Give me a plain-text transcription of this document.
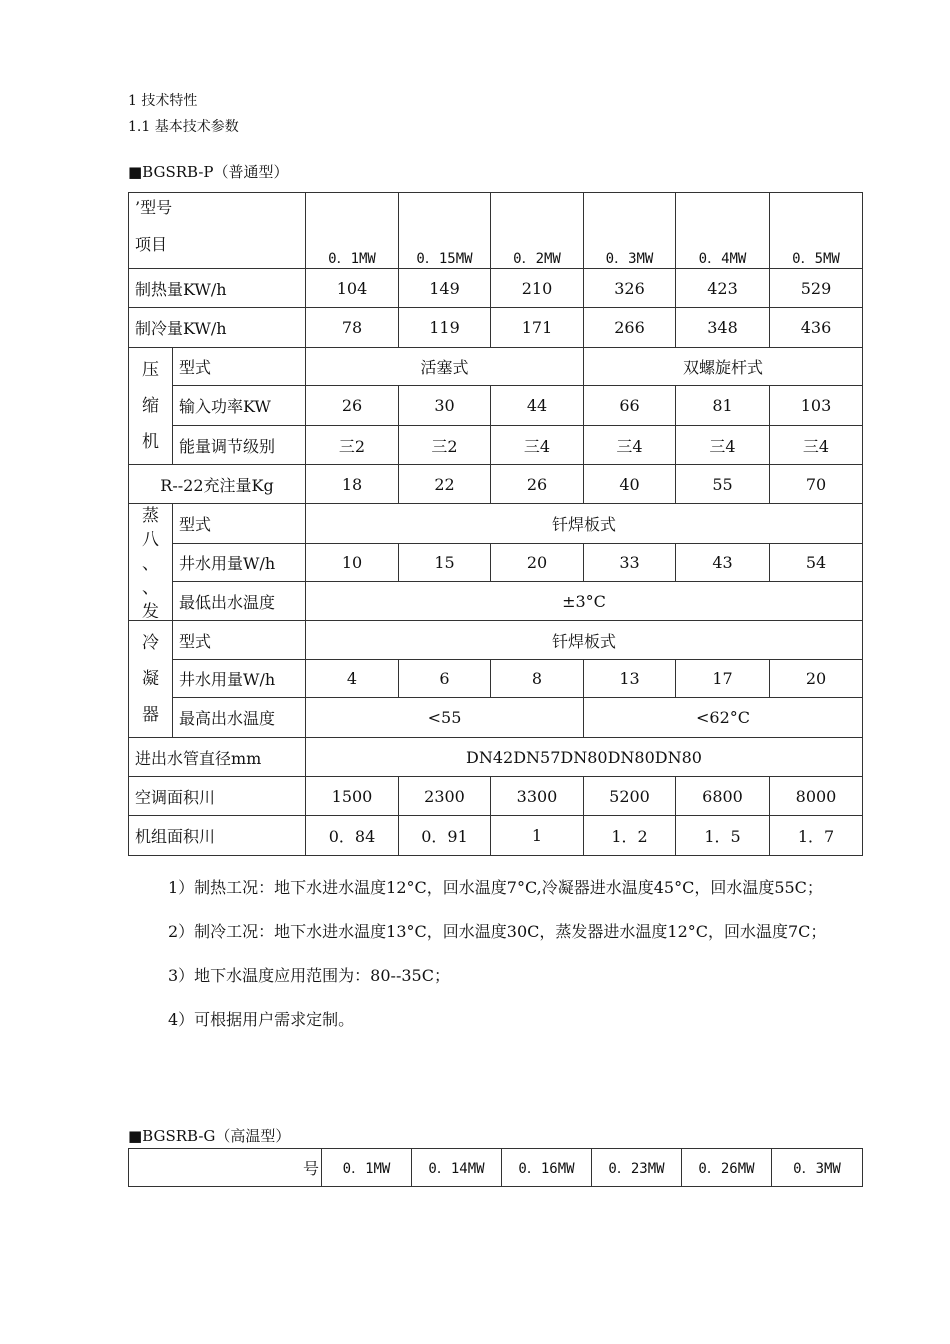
1 技术特性
1.1 基本技术参数
■BGSRB-P（普通型）
’型号
项目		0．1MW	0．15MW	0．2MW	0．3MW	0．4MW	0．5MW
制热量KW/h		104	149	210	326	423	529
制冷量KW/h		78	119	171	266	348	436

压
缩
机	型式	活塞式			双螺旋杆式		
	输入功率KW	26	30	44	66	81	103
	能量调节级别	三2	三2	三4	三4	三4	三4
R--22充注量Kg		18	22	26	40	55	70

蒸
八
、
、
发	型式	钎焊板式					
	井水用量W/h	10	15	20	33	43	54
	最低出水温度	±3°C					

冷
凝
器	型式	钎焊板式					
	井水用量W/h	4	6	8	13	17	20
	最高出水温度	<55			<62°C		
进出水管直径mm		DN42DN57DN80DN80DN80					
空调面积川		1500	2300	3300	5200	6800	8000
机组面积川		0．84	0．91	1	1．2	1．5	1．7

1）制热工况：地下水进水温度12°C，回水温度7°C,冷凝器进水温度45°C，回水温度55C；

2）制冷工况：地下水进水温度13°C，回水温度30C，蒸发器进水温度12°C，回水温度7C；

3）地下水温度应用范围为：80--35C；

4）可根据用户需求定制。

■BGSRB-G（高温型）
号	0．1MW	0．14MW	0．16MW	0．23MW	0．26MW	0．3MW
